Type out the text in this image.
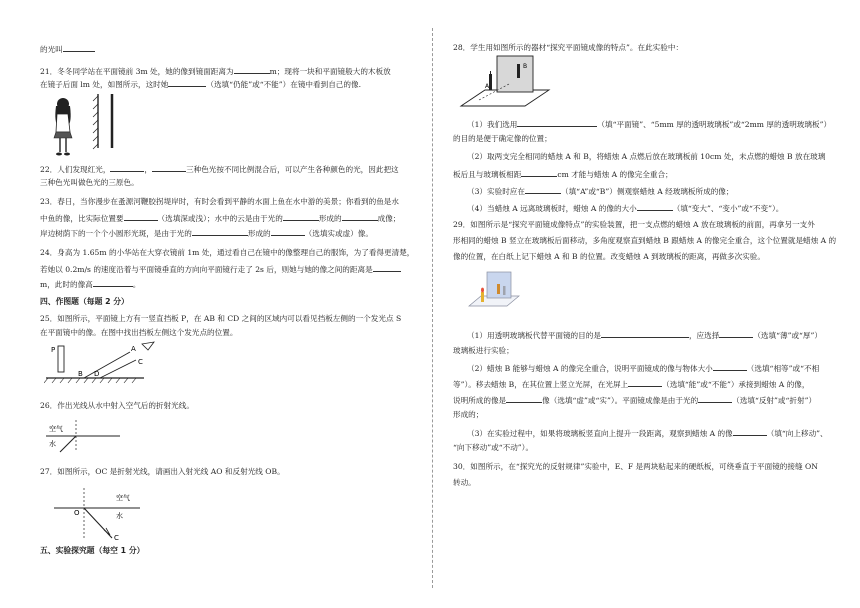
的光叫
21．冬冬同学站在平面镜前 3m 处，她的像到镜面距离为	m；现将一块和平面镜般大的木板放
在镜子后面 lm 处，如图所示，这时她	（选填“仍能”或“不能”）在镜中看到自己的像.
22．人们发现红光，	，	三种色光按不同比例混合后，可以产生各种颜色的光，因此把这
三种色光叫做色光的三原色。
23．春日，当你漫步在蚤源河鞭胶拐堤岸时，有时会看到平静的水面上鱼在水中游的美景；你看到的鱼是水
中鱼的像，比实际位置要	（选填深或浅）；水中的云是由于光的	形成的	成像；
岸边树荫下的一个个小圆形光斑，是由于光的	形成的	（选填实或虚）像。
24．身高为 1.65m 的小华站在大穿衣镜前 1m 处，通过看自己在镜中的像整理自己的服饰，为了看得更清楚，
若她以 0.2m/s 的速度沿着与平面镜垂直的方向向平面镜行走了 2s 后，则她与她的像之间的距离是
m，此时的像高	。
四、作图题（每题 2 分）
25．如图所示，平面镜上方有一竖直挡板 P，在 AB 和 CD 之间的区域内可以看见挡板左侧的一个发光点 S
在平面镜中的像。在图中找出挡板左侧这个发光点的位置。
P
B D
A
C
26．作出光线从水中射入空气后的折射光线。
空气
水
27．如图所示，OC 是折射光线，请画出入射光线 AO 和反射光线 OB。
O
C
空气
水
五、实验探究题（每空 1 分）
28．学生用如图所示的器材“探究平面镜成像的特点”。在此实验中：
A
B
（1）我们选用	（填“平面镜”、“5mm 厚的透明玻璃板”或“2mm 厚的透明玻璃板”）
的目的是便于确定像的位置；
（2）取两支完全相同的蜡烛 A 和 B，将蜡烛 A 点燃后放在玻璃板前 10cm 处，未点燃的蜡烛 B 放在玻璃
板后且与玻璃板相距	cm 才能与蜡烛 A 的像完全重合；
（3）实验时应在	（填“A”或“B”）侧观察蜡烛 A 经玻璃板所成的像；
（4）当蜡烛 A 远离玻璃板时，蜡烛 A 的像的大小	（填“变大”、“变小”或“不变”）。
29．如图所示是“探究平面镜成像特点”的实验装置，把一支点燃的蜡烛 A 放在玻璃板的前面，再拿另一支外
形相同的蜡烛 B 竖立在玻璃板后面移动，多角度观察直到蜡烛 B 跟蜡烛 A 的像完全重合，这个位置就是蜡烛 A 的
像的位置，在白纸上记下蜡烛 A 和 B 的位置。改变蜡烛 A 到玻璃板的距离，再做多次实验。
（1）用透明玻璃板代替平面镜的目的是	，应选择	（选填“薄”或“厚”）
玻璃板进行实验；
（2）蜡烛 B 能够与蜡烛 A 的像完全重合，说明平面镜成的像与物体大小	（选填“相等”或“不相
等”）。移去蜡烛 B，在其位置上竖立光屏，在光屏上	（选填“能”或“不能”）承接到蜡烛 A 的像，
说明所成的像是	像（选填“虚”或“实”）。平面镜成像是由于光的	（选填“反射”或“折射”）
形成的；
（3）在实验过程中，如果将玻璃板竖直向上提升一段距离，观察到蜡烛 A 的像	（填“向上移动”、
“向下移动”或“不动”）。
30．如图所示，在“探究光的反射规律”实验中，E、F 是两块粘起来的硬纸板，可绕垂直于平面镜的接缝 ON
转动。
